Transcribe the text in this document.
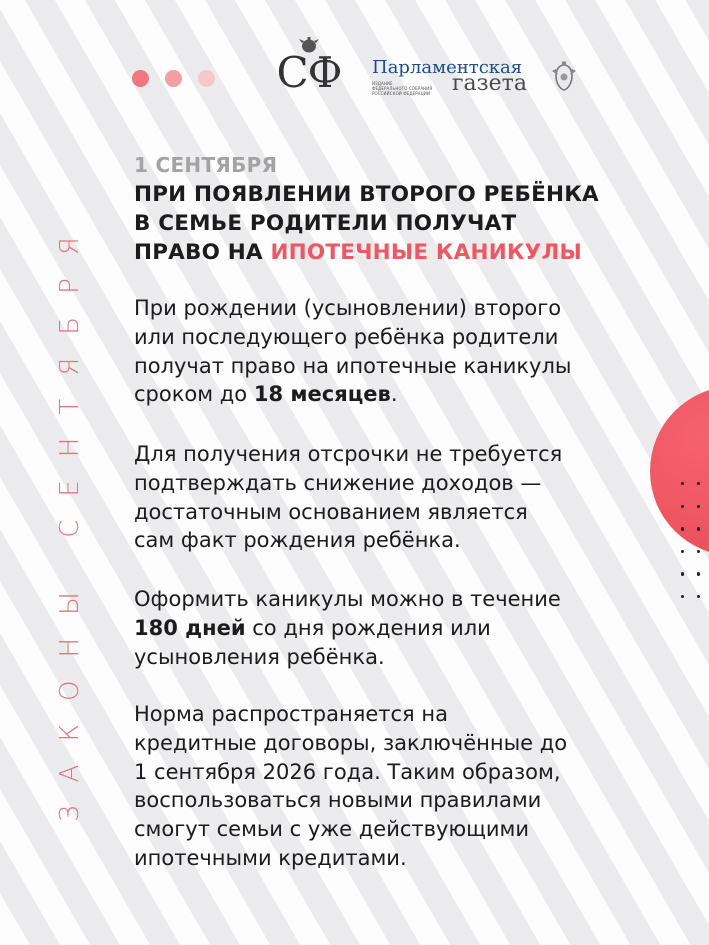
СФ	Парламентская
ИЗДАНИЕ
ФЕДЕРАЛЬНОГО СОБРАНИЯ
РОССИЙСКОЙ ФЕДЕРАЦИИ газета
ЗАКОНЫ СЕНТЯБРЯ
1 СЕНТЯБРЯ
ПРИ ПОЯВЛЕНИИ ВТОРОГО РЕБЁНКА
В СЕМЬЕ РОДИТЕЛИ ПОЛУЧАТ
ПРАВО НА ИПОТЕЧНЫЕ КАНИКУЛЫ
При рождении (усыновлении) второго
или последующего ребёнка родители
получат право на ипотечные каникулы
сроком до 18 месяцев.
Для получения отсрочки не требуется
подтверждать снижение доходов —
достаточным основанием является
сам факт рождения ребёнка.
Оформить каникулы можно в течение
180 дней со дня рождения или
усыновления ребёнка.
Норма распространяется на
кредитные договоры, заключённые до
1 сентября 2026 года. Таким образом,
воспользоваться новыми правилами
смогут семьи с уже действующими
ипотечными кредитами.
